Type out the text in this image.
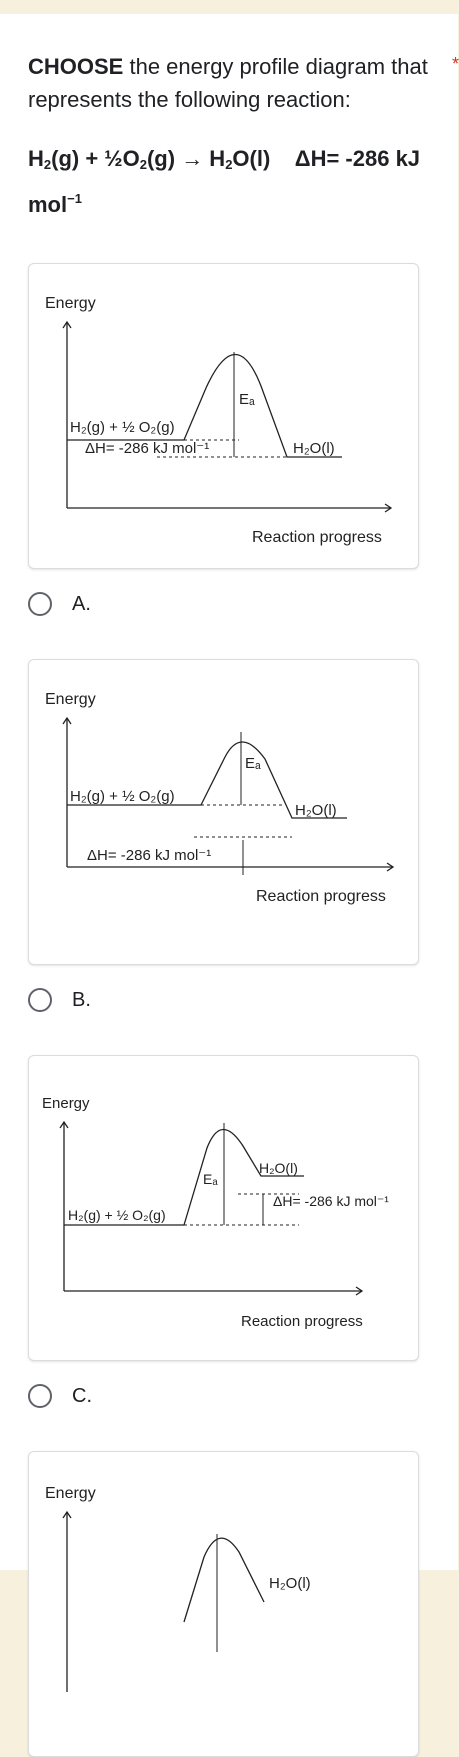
CHOOSE the energy profile diagram that represents the following reaction:
*
$H_2(g)$ + $\frac{1}{2}O_2(g) \to H_2O(l)$ ΔH= -286 kJ mol$^{-1}$
Energy
Reaction progress
H₂(g) + ½ O₂(g)
Eₐ
ΔH= -286 kJ mol⁻¹	H₂O(l)
A.
Energy
Reaction progress
H₂(g) + ½ O₂(g)
Eₐ
H₂O(l)
ΔH= -286 kJ mol⁻¹
B.
Energy
Reaction progress
H₂(g) + ½ O₂(g)
Eₐ
H₂O(l)
ΔH= -286 kJ mol⁻¹
C.
Energy
H₂O(l)
